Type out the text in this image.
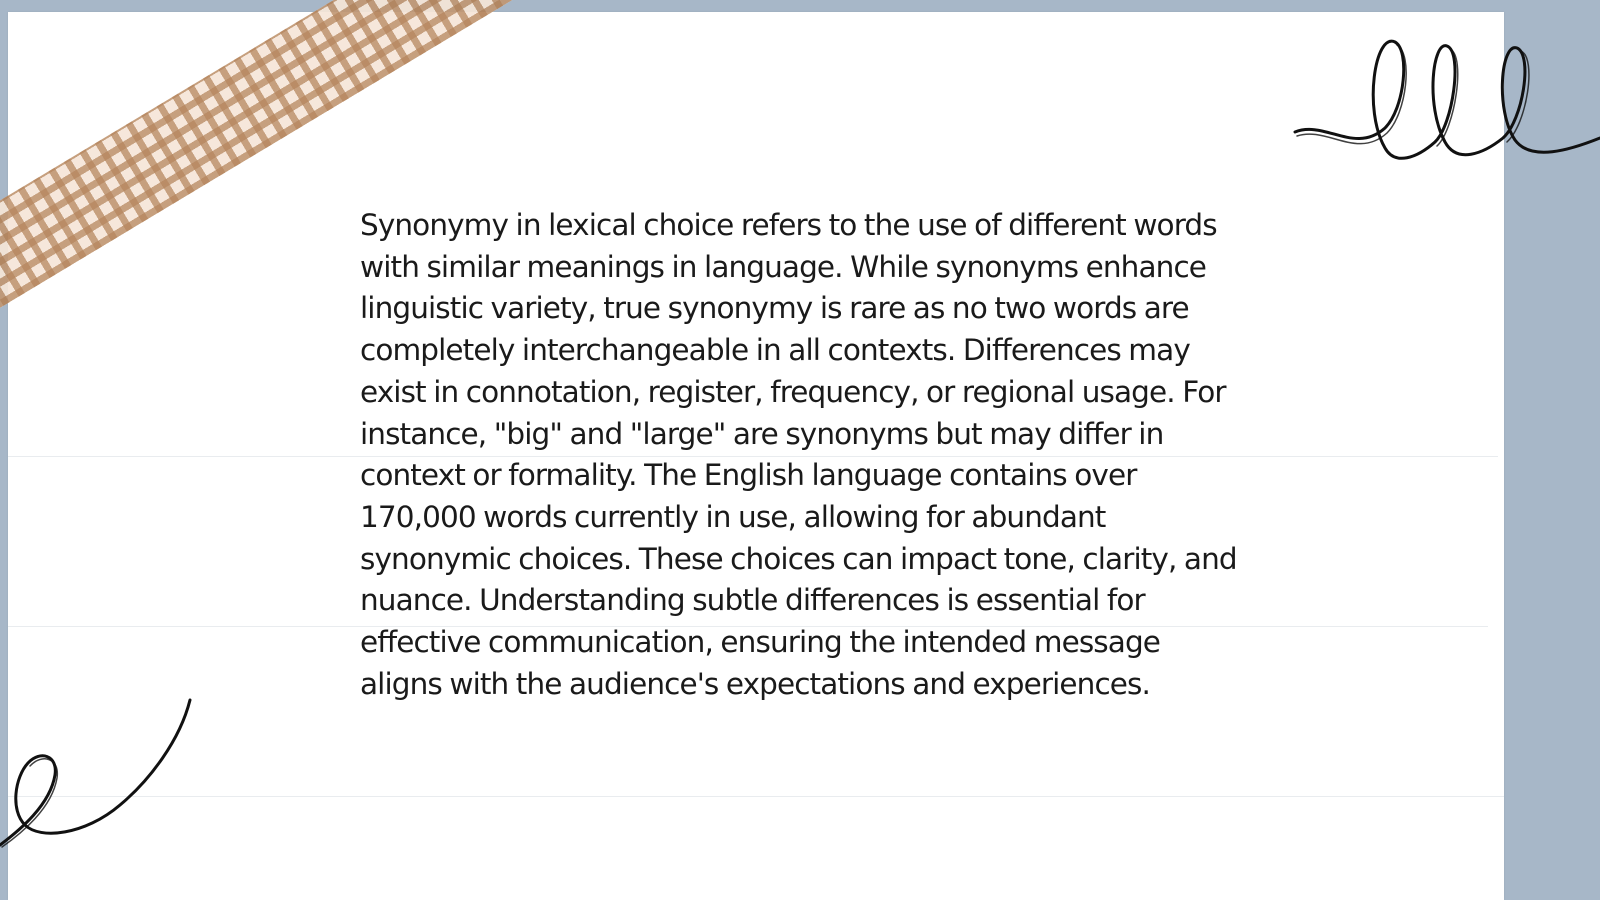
Synonymy in lexical choice refers to the use of different words with similar meanings in language. While synonyms enhance linguistic variety, true synonymy is rare as no two words are completely interchangeable in all contexts. Differences may exist in connotation, register, frequency, or regional usage. For instance, "big" and "large" are synonyms but may differ in context or formality. The English language contains over 170,000 words currently in use, allowing for abundant synonymic choices. These choices can impact tone, clarity, and nuance. Understanding subtle differences is essential for effective communication, ensuring the intended message aligns with the audience's expectations and experiences.
